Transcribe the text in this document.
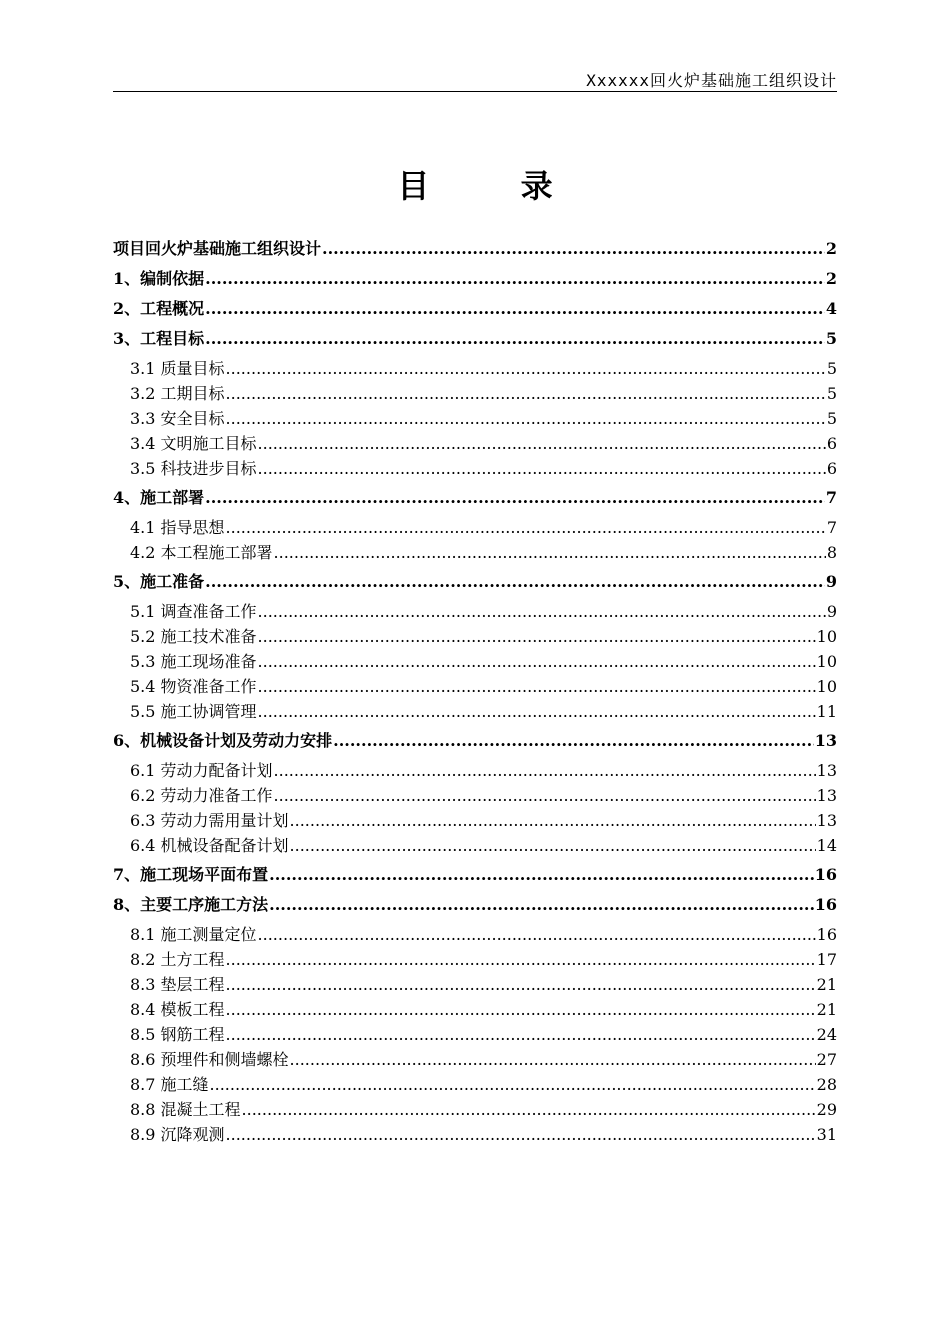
Xxxxxx回火炉基础施工组织设计
目 录
项目回火炉基础施工组织设计 .....	2
1、编制依据 .....	2
2、工程概况 .....	4
3、工程目标 .....	5
3.1 质量目标 .....	5
3.2 工期目标 .....	5
3.3 安全目标 .....	5
3.4 文明施工目标 .....	6
3.5 科技进步目标 .....	6
4、施工部署 .....	7
4.1 指导思想 .....	7
4.2 本工程施工部署 .....	8
5、施工准备 .....	9
5.1 调查准备工作 .....	9
5.2 施工技术准备 .....	10
5.3 施工现场准备 .....	10
5.4 物资准备工作 .....	10
5.5 施工协调管理 .....	11
6、机械设备计划及劳动力安排 .....	13
6.1 劳动力配备计划 .....	13
6.2 劳动力准备工作 .....	13
6.3 劳动力需用量计划 .....	13
6.4 机械设备配备计划 .....	14
7、施工现场平面布置 .....	16
8、主要工序施工方法 .....	16
8.1 施工测量定位 .....	16
8.2 土方工程 .....	17
8.3 垫层工程 .....	21
8.4 模板工程 .....	21
8.5 钢筋工程 .....	24
8.6 预埋件和侧墙螺栓 .....	27
8.7 施工缝 .....	28
8.8 混凝土工程 .....	29
8.9 沉降观测 .....	31
